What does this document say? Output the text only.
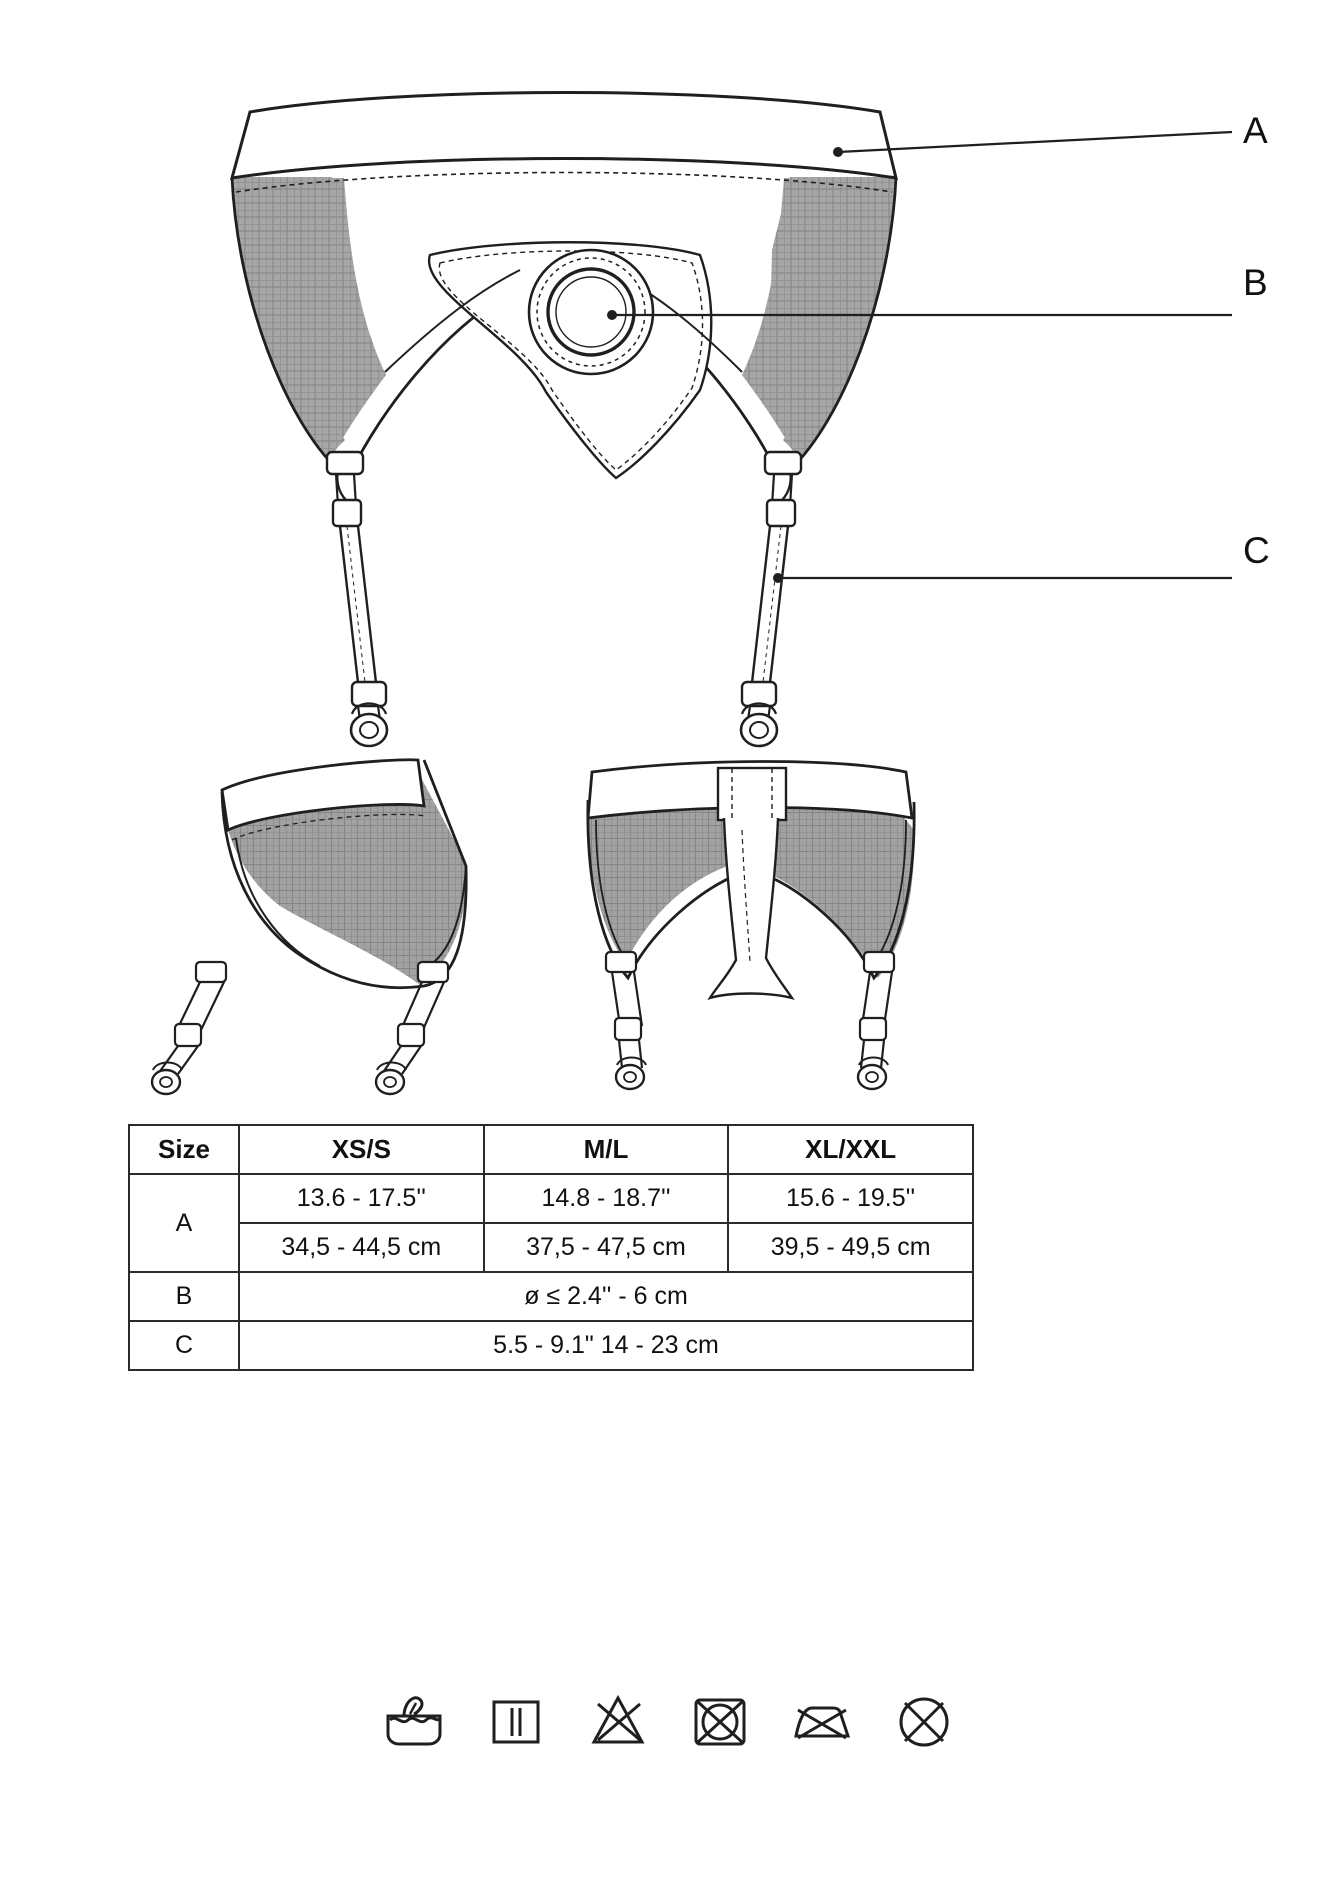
A
B
C
Size	XS/S	M/L	XL/XXL
A	13.6 - 17.5''	14.8 - 18.7''	15.6 - 19.5''
	34,5 - 44,5 cm	37,5 - 47,5 cm	39,5 - 49,5 cm
B	ø ≤ 2.4'' - 6 cm		
C	5.5 - 9.1" 14 - 23 cm		
